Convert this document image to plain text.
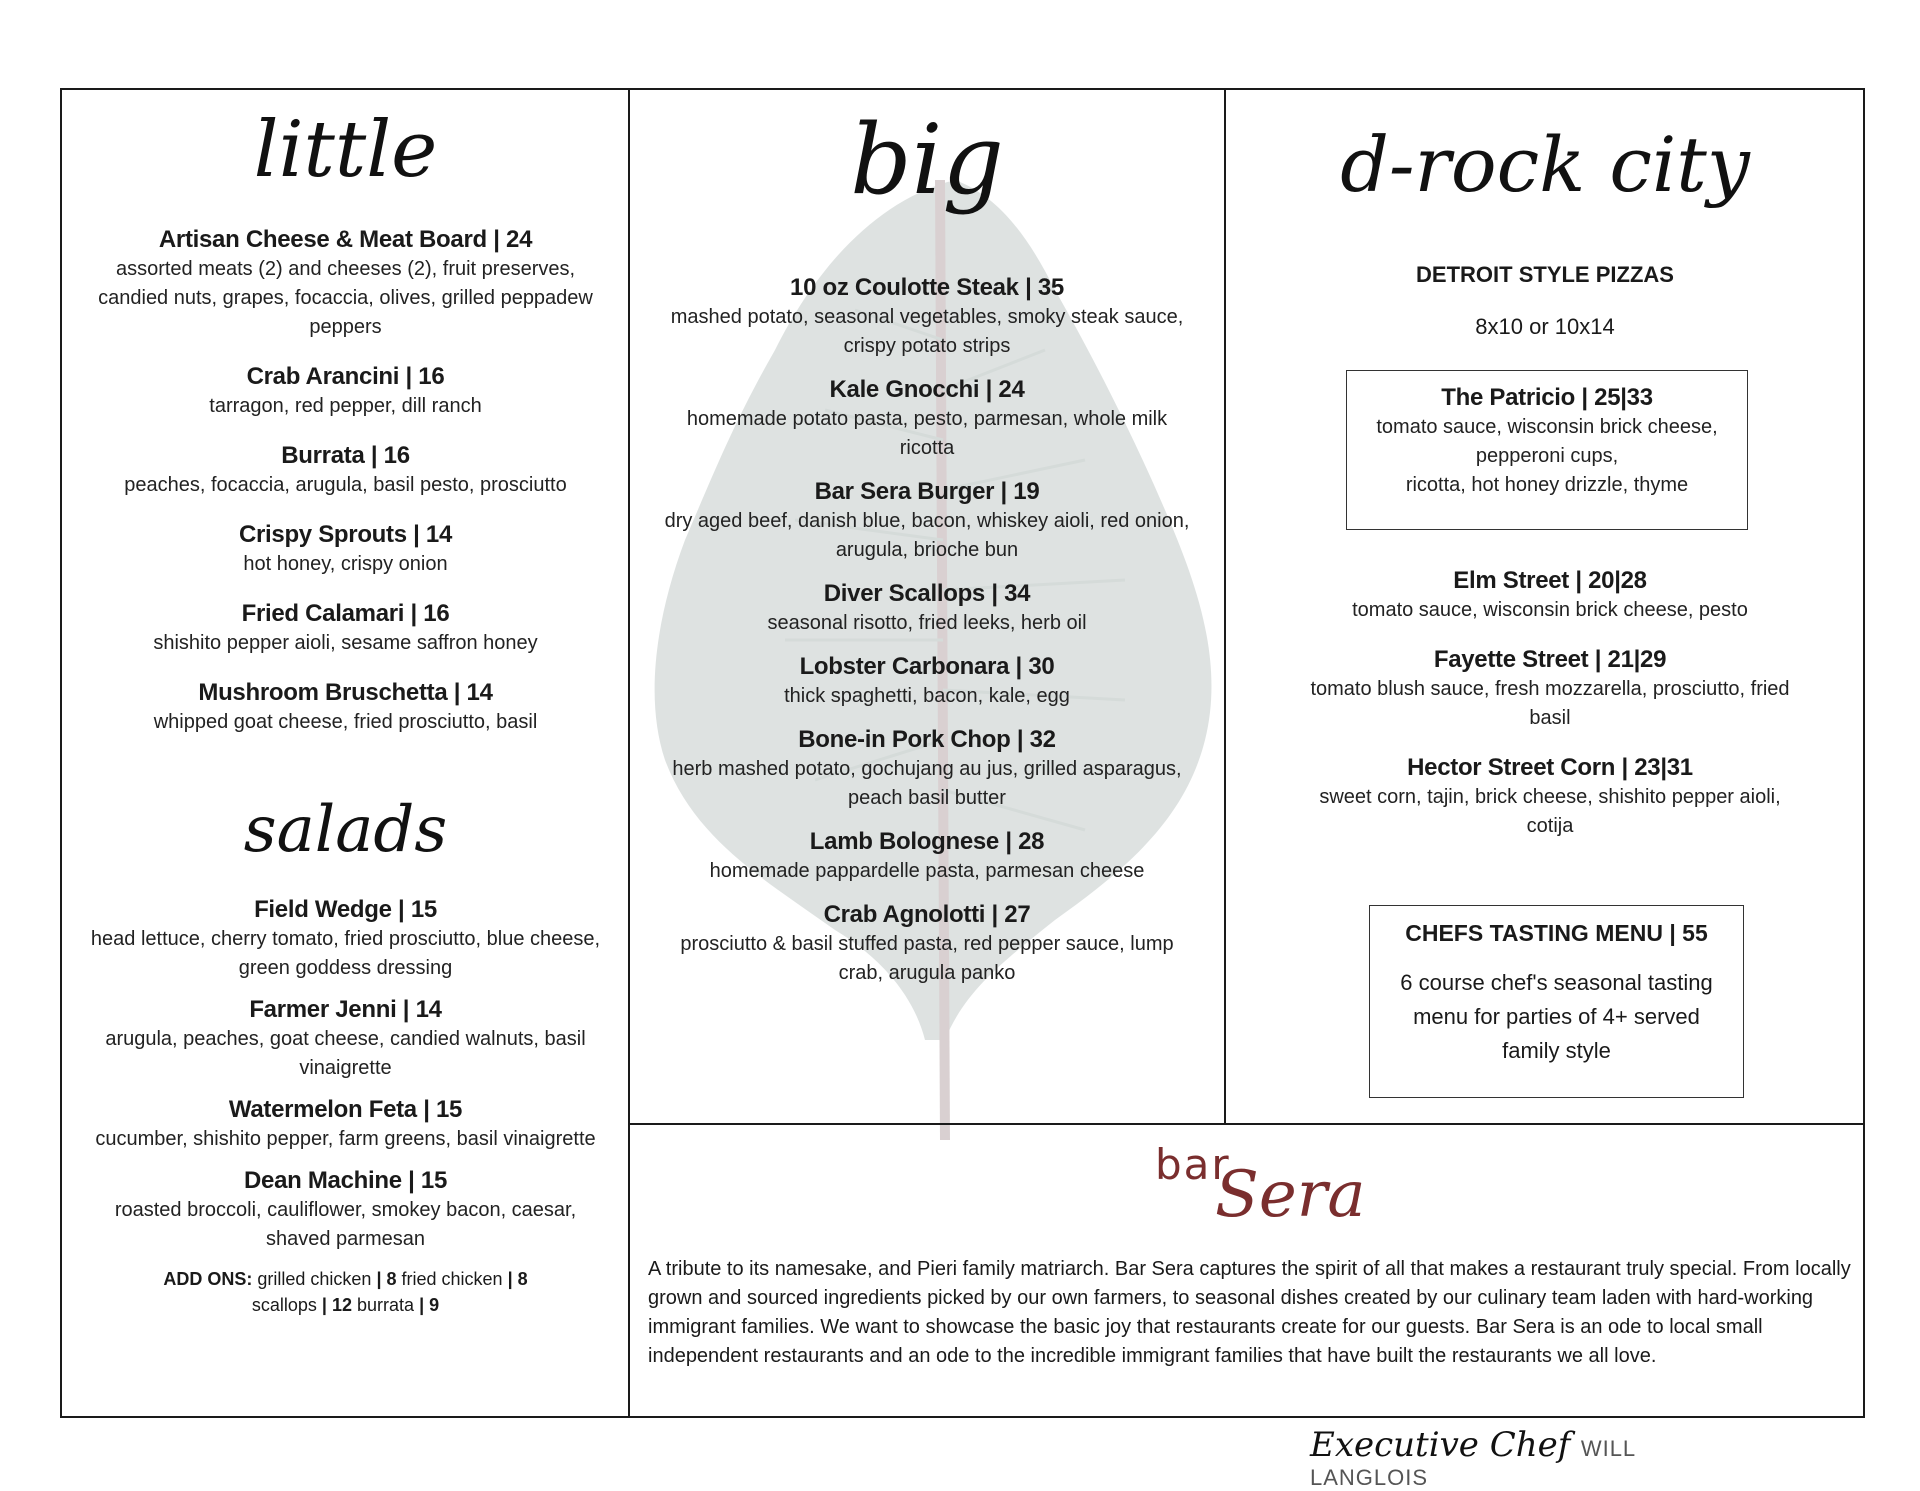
little
Artisan Cheese & Meat Board | 24
assorted meats (2) and cheeses (2), fruit preserves, candied nuts, grapes, focaccia, olives, grilled peppadew peppers
Crab Arancini | 16
tarragon, red pepper, dill ranch
Burrata | 16
peaches, focaccia, arugula, basil pesto, prosciutto
Crispy Sprouts | 14
hot honey, crispy onion
Fried Calamari | 16
shishito pepper aioli, sesame saffron honey
Mushroom Bruschetta | 14
whipped goat cheese, fried prosciutto, basil
salads
Field Wedge | 15
head lettuce, cherry tomato, fried prosciutto, blue cheese, green goddess dressing
Farmer Jenni | 14
arugula, peaches, goat cheese, candied walnuts, basil vinaigrette
Watermelon Feta | 15
cucumber, shishito pepper, farm greens, basil vinaigrette
Dean Machine | 15
roasted broccoli, cauliflower, smokey bacon, caesar, shaved parmesan
ADD ONS: grilled chicken | 8 fried chicken | 8
scallops | 12 burrata | 9
big
10 oz Coulotte Steak | 35
mashed potato, seasonal vegetables, smoky steak sauce, crispy potato strips
Kale Gnocchi | 24
homemade potato pasta, pesto, parmesan, whole milk ricotta
Bar Sera Burger | 19
dry aged beef, danish blue, bacon, whiskey aioli, red onion, arugula, brioche bun
Diver Scallops | 34
seasonal risotto, fried leeks, herb oil
Lobster Carbonara | 30
thick spaghetti, bacon, kale, egg
Bone-in Pork Chop | 32
herb mashed potato, gochujang au jus, grilled asparagus, peach basil butter
Lamb Bolognese | 28
homemade pappardelle pasta, parmesan cheese
Crab Agnolotti | 27
prosciutto & basil stuffed pasta, red pepper sauce, lump crab, arugula panko
d-rock city
DETROIT STYLE PIZZAS
8x10 or 10x14
The Patricio | 25|33
tomato sauce, wisconsin brick cheese,
pepperoni cups,
ricotta, hot honey drizzle, thyme
Elm Street | 20|28
tomato sauce, wisconsin brick cheese, pesto
Fayette Street | 21|29
tomato blush sauce, fresh mozzarella, prosciutto, fried basil
Hector Street Corn | 23|31
sweet corn, tajin, brick cheese, shishito pepper aioli, cotija
CHEFS TASTING MENU | 55
6 course chef's seasonal tasting menu for parties of 4+ served family style
bar
Sera
A tribute to its namesake, and Pieri family matriarch. Bar Sera captures the spirit of all that makes a restaurant truly special. From locally grown and sourced ingredients picked by our own farmers, to seasonal dishes created by our culinary team laden with hard-working immigrant families. We want to showcase the basic joy that restaurants create for our guests. Bar Sera is an ode to local small independent restaurants and an ode to the incredible immigrant families that have built the restaurants we all love.
Executive Chef WILL LANGLOIS
